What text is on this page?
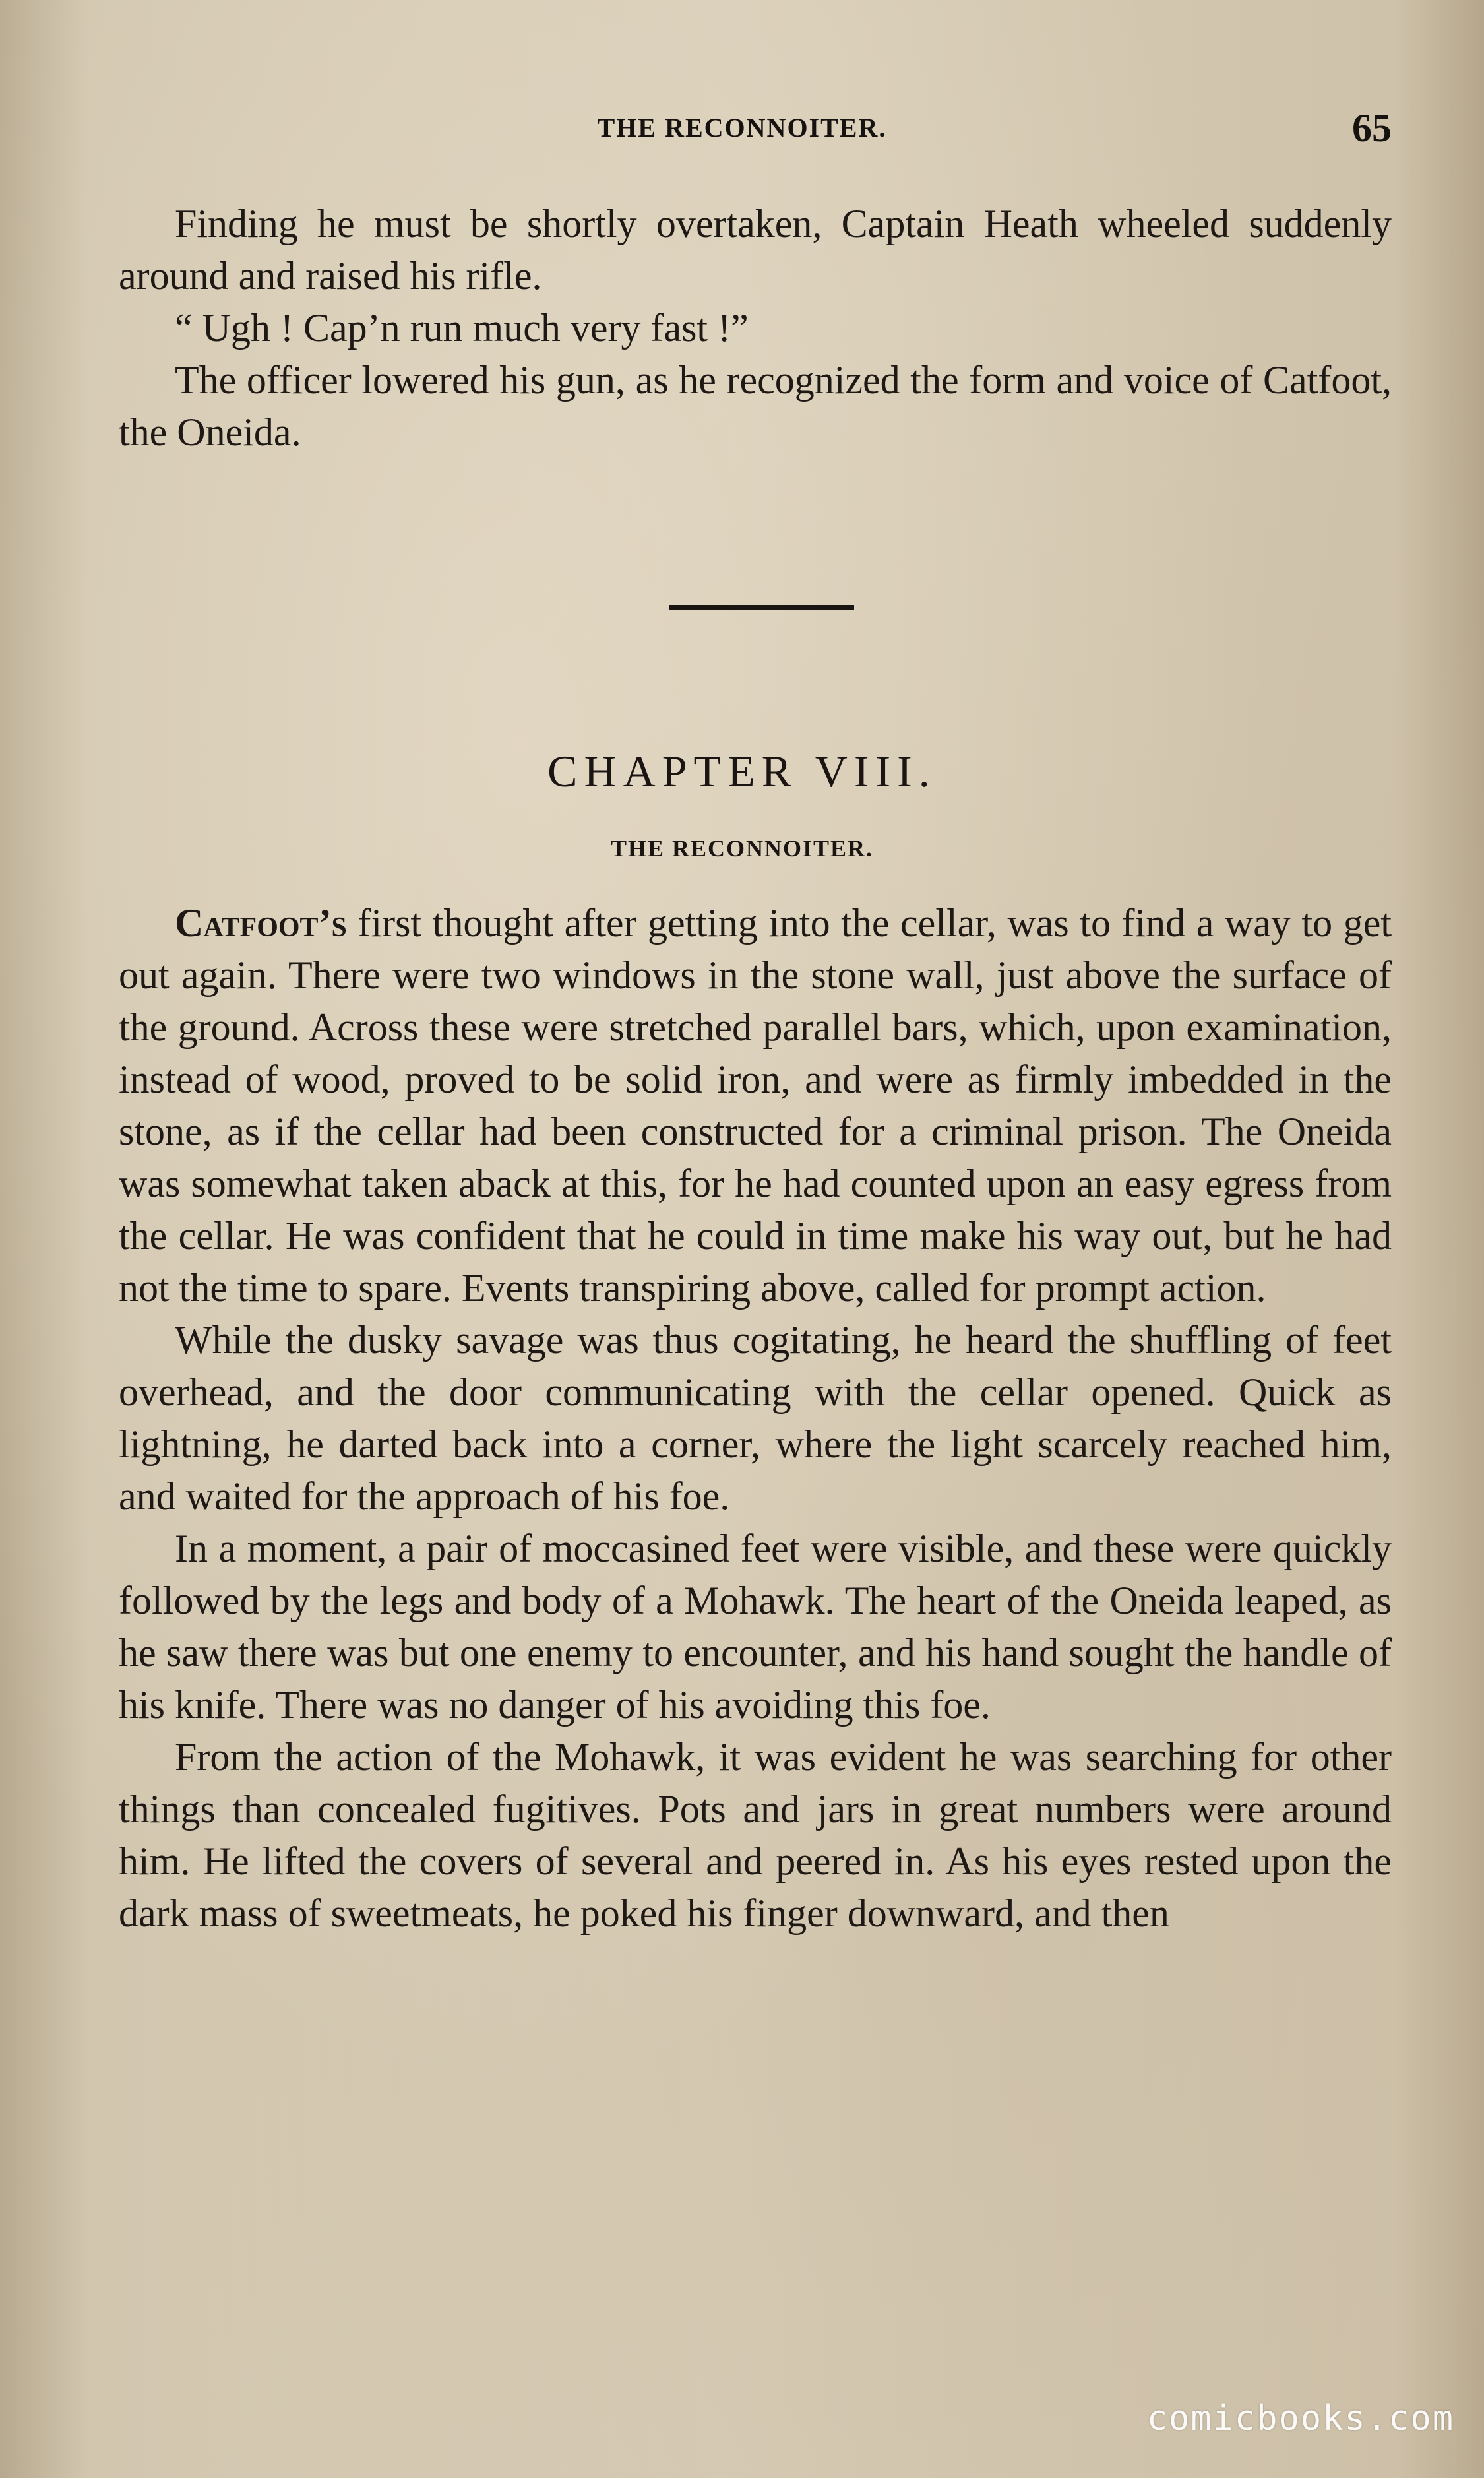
THE RECONNOITER.	65

Finding he must be shortly overtaken, Captain Heath wheeled suddenly around and raised his rifle.

“ Ugh ! Cap’n run much very fast !”

The officer lowered his gun, as he recognized the form and voice of Catfoot, the Oneida.

CHAPTER VIII.
THE RECONNOITER.

Catfoot’s first thought after getting into the cellar, was to find a way to get out again. There were two windows in the stone wall, just above the surface of the ground. Across these were stretched parallel bars, which, upon examination, instead of wood, proved to be solid iron, and were as firmly imbedded in the stone, as if the cellar had been constructed for a criminal prison. The Oneida was somewhat taken aback at this, for he had counted upon an easy egress from the cellar. He was confident that he could in time make his way out, but he had not the time to spare. Events transpiring above, called for prompt action.

While the dusky savage was thus cogitating, he heard the shuffling of feet overhead, and the door communicating with the cellar opened. Quick as lightning, he darted back into a corner, where the light scarcely reached him, and waited for the approach of his foe.

In a moment, a pair of moccasined feet were visible, and these were quickly followed by the legs and body of a Mohawk. The heart of the Oneida leaped, as he saw there was but one enemy to encounter, and his hand sought the handle of his knife. There was no danger of his avoiding this foe.

From the action of the Mohawk, it was evident he was searching for other things than concealed fugitives. Pots and jars in great numbers were around him. He lifted the covers of several and peered in. As his eyes rested upon the dark mass of sweetmeats, he poked his finger downward, and then

comicbooks.com
